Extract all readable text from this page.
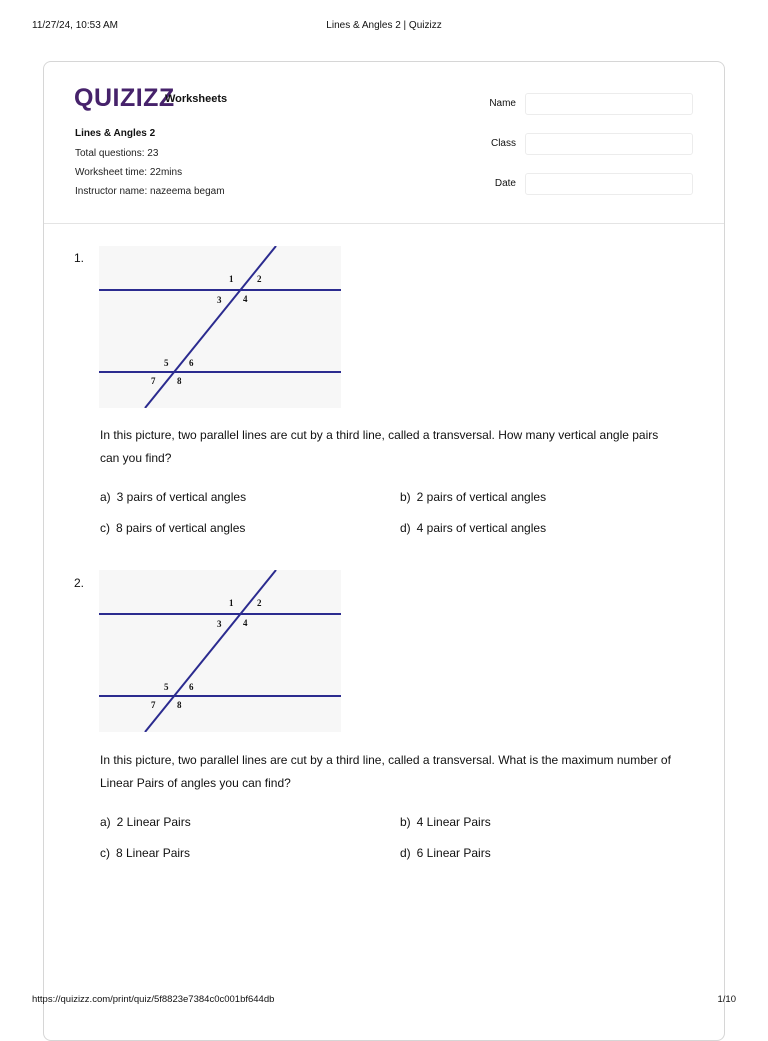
11/27/24, 10:53 AM	Lines & Angles 2 | Quizizz
QUIZIZZ
Worksheets
Lines & Angles 2
Total questions: 23
Worksheet time: 22mins
Instructor name: nazeema begam
Name
Class
Date
1.
1	2
3 4
5 6
7 8
In this picture, two parallel lines are cut by a third line, called a transversal. How many vertical angle pairs can you find?
a) 3 pairs of vertical angles	b) 2 pairs of vertical angles
c) 8 pairs of vertical angles	d) 4 pairs of vertical angles
2.
1	2
3 4
5 6
7 8
In this picture, two parallel lines are cut by a third line, called a transversal. What is the maximum number of Linear Pairs of angles you can find?
a) 2 Linear Pairs	b) 4 Linear Pairs
c) 8 Linear Pairs	d) 6 Linear Pairs
https://quizizz.com/print/quiz/5f8823e7384c0c001bf644db	1/10
